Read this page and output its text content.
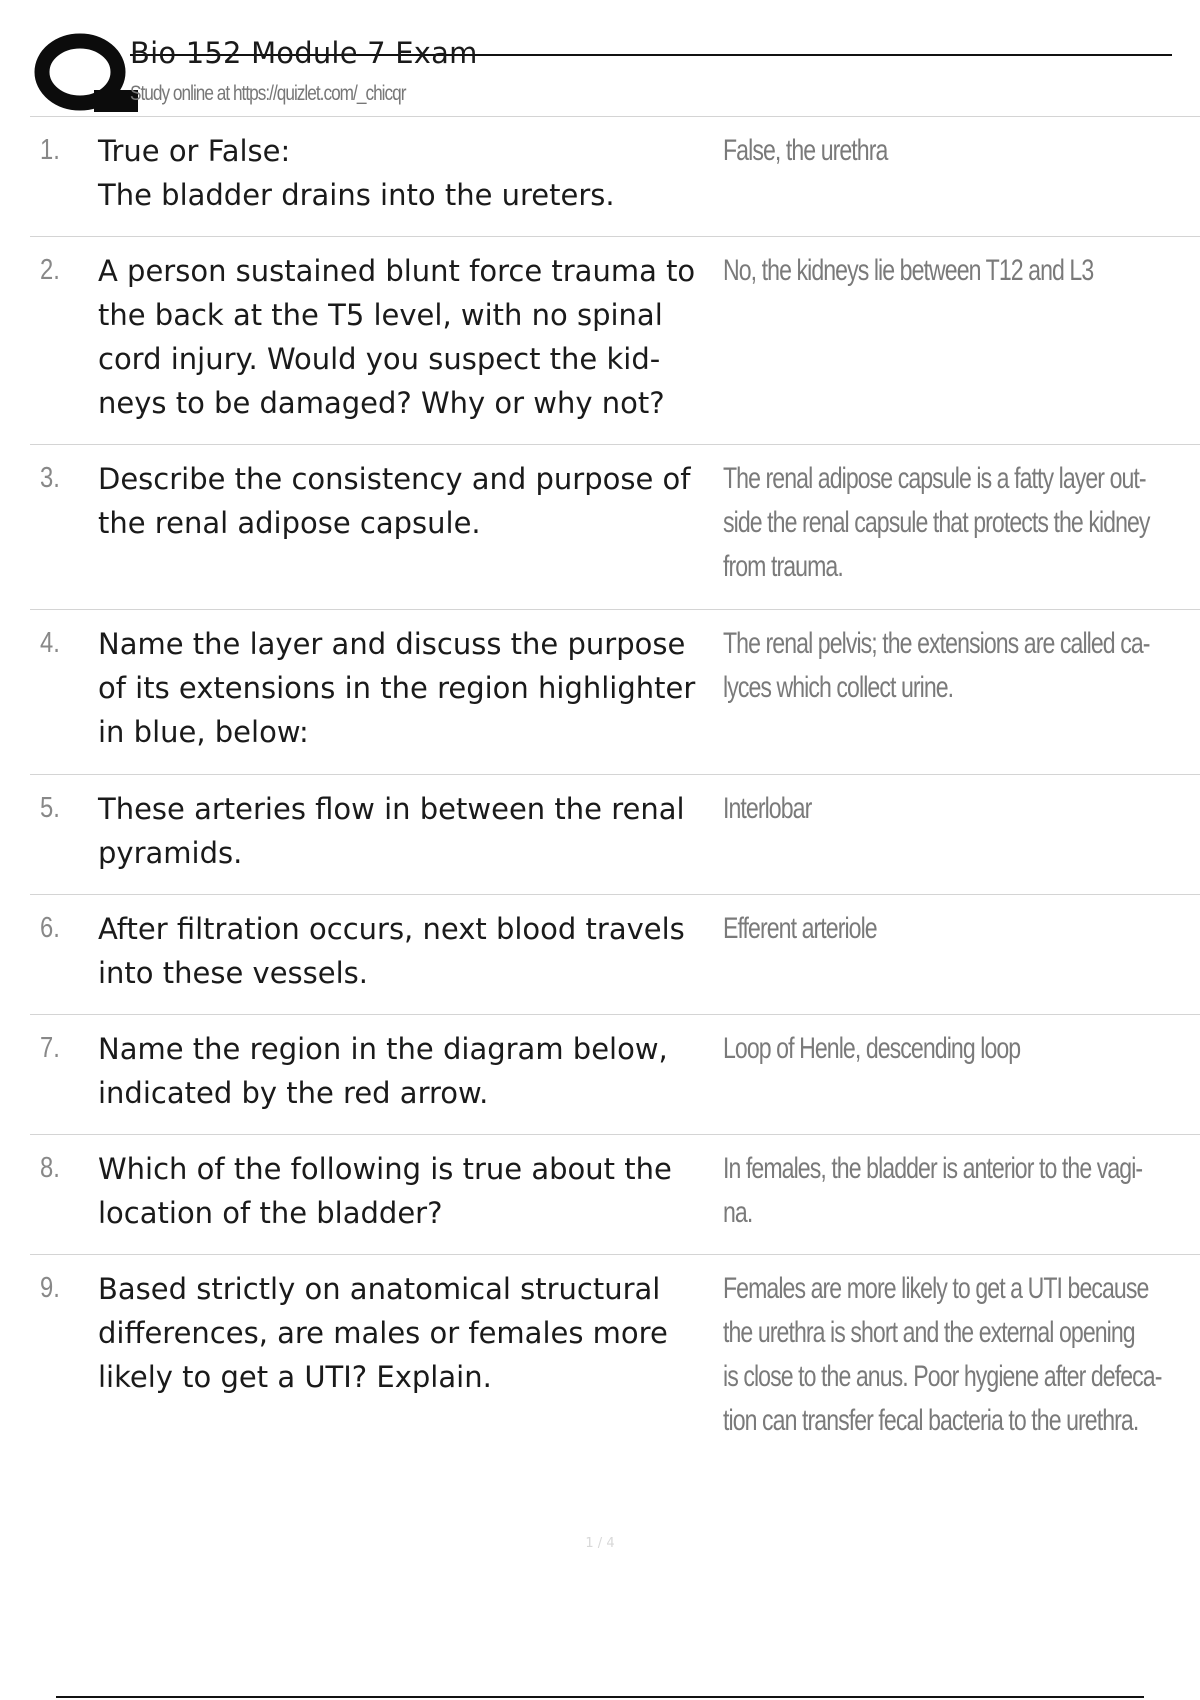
Bio 152 Module 7 Exam
Study online at https://quizlet.com/_chicqr
1. True or False:
The bladder drains into the ureters.
False, the urethra
2. A person sustained blunt force trauma to
the back at the T5 level, with no spinal
cord injury. Would you suspect the kid-
neys to be damaged? Why or why not?
No, the kidneys lie between T12 and L3
3. Describe the consistency and purpose of
the renal adipose capsule.
The renal adipose capsule is a fatty layer out-
side the renal capsule that protects the kidney
from trauma.
4. Name the layer and discuss the purpose
of its extensions in the region highlighter
in blue, below:
The renal pelvis; the extensions are called ca-
lyces which collect urine.
5. These arteries flow in between the renal
pyramids.
Interlobar
6. After filtration occurs, next blood travels
into these vessels.
Efferent arteriole
7. Name the region in the diagram below,
indicated by the red arrow.
Loop of Henle, descending loop
8. Which of the following is true about the
location of the bladder?
In females, the bladder is anterior to the vagi-
na.
9. Based strictly on anatomical structural
differences, are males or females more
likely to get a UTI? Explain.
Females are more likely to get a UTI because
the urethra is short and the external opening
is close to the anus. Poor hygiene after defeca-
tion can transfer fecal bacteria to the urethra.
1 / 4
